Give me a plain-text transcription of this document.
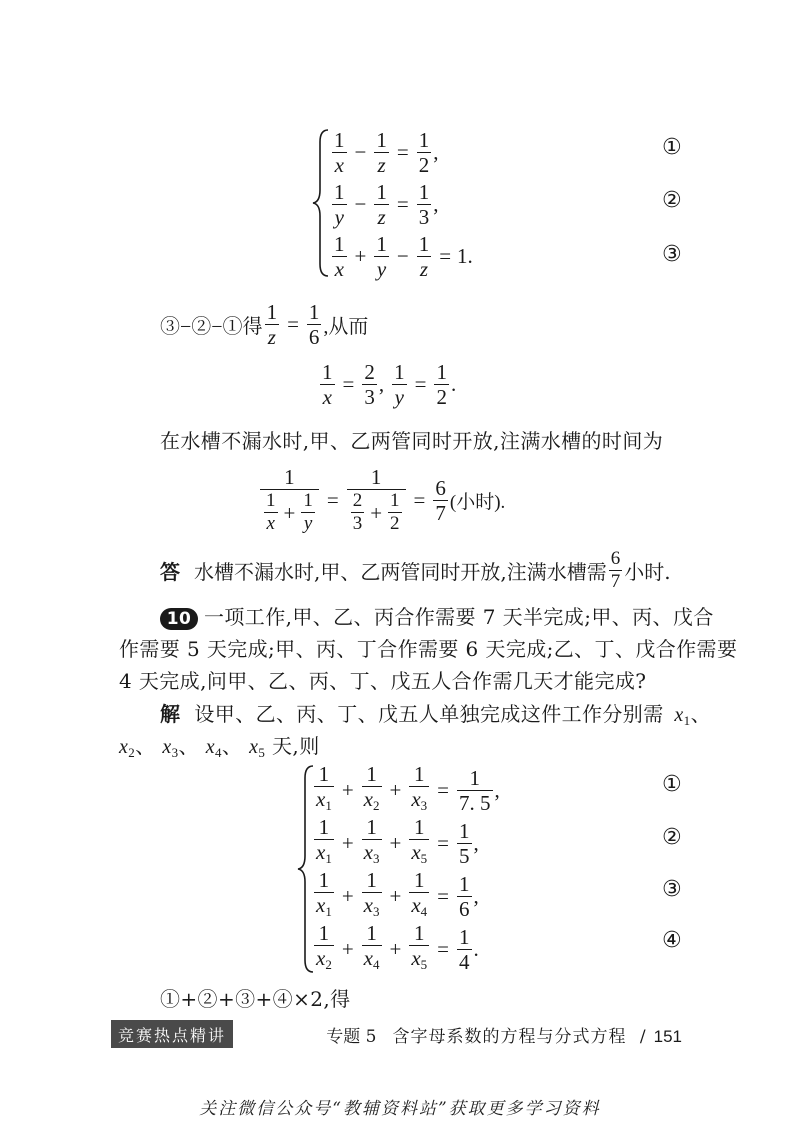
$\frac{1}{x} - \frac{1}{z} = \frac{1}{2}$ ,	①
$\frac{1}{y} - \frac{1}{z} = \frac{1}{3}$ ,	②
$\frac{1}{x} + \frac{1}{y} - \frac{1}{z} = 1$.	③
③−②−①得 $\frac{1}{z} = \frac{1}{6}$ ,从而
$\frac{1}{x} = \frac{2}{3}$ , $\frac{1}{y} = \frac{1}{2}$ .
在水槽不漏水时,甲、乙两管同时开放,注满水槽的时间为
$\frac{1}{\frac{1}{x} + \frac{1}{y}} = \frac{1}{\frac{2}{3} + \frac{1}{2}} = \frac{6}{7}$ (小时).
答 水槽不漏水时,甲、乙两管同时开放,注满水槽需 $\frac{6}{7}$ 小时.
10 一项工作,甲、乙、丙合作需要 7 天半完成;甲、丙、戊合
作需要 5 天完成;甲、丙、丁合作需要 6 天完成;乙、丁、戊合作需要
4 天完成,问甲、乙、丙、丁、戊五人合作需几天才能完成?
解 设甲、乙、丙、丁、戊五人单独完成这件工作分别需 $x_1$、
$x_2$、 $x_3$、 $x_4$、 $x_5$ 天,则
$\frac{1}{x_1} + \frac{1}{x_2} + \frac{1}{x_3} = \frac{1}{7. 5}$ ,	①
$\frac{1}{x_1} + \frac{1}{x_3} + \frac{1}{x_5} = \frac{1}{5}$ ,	②
$\frac{1}{x_1} + \frac{1}{x_3} + \frac{1}{x_4} = \frac{1}{6}$ ,	③
$\frac{1}{x_2} + \frac{1}{x_4} + \frac{1}{x_5} = \frac{1}{4}$ .	④
①+②+③+④×2,得
竞赛热点精讲	专题 5 含字母系数的方程与分式方程 / 151
关注微信公众号“教辅资料站”获取更多学习资料
